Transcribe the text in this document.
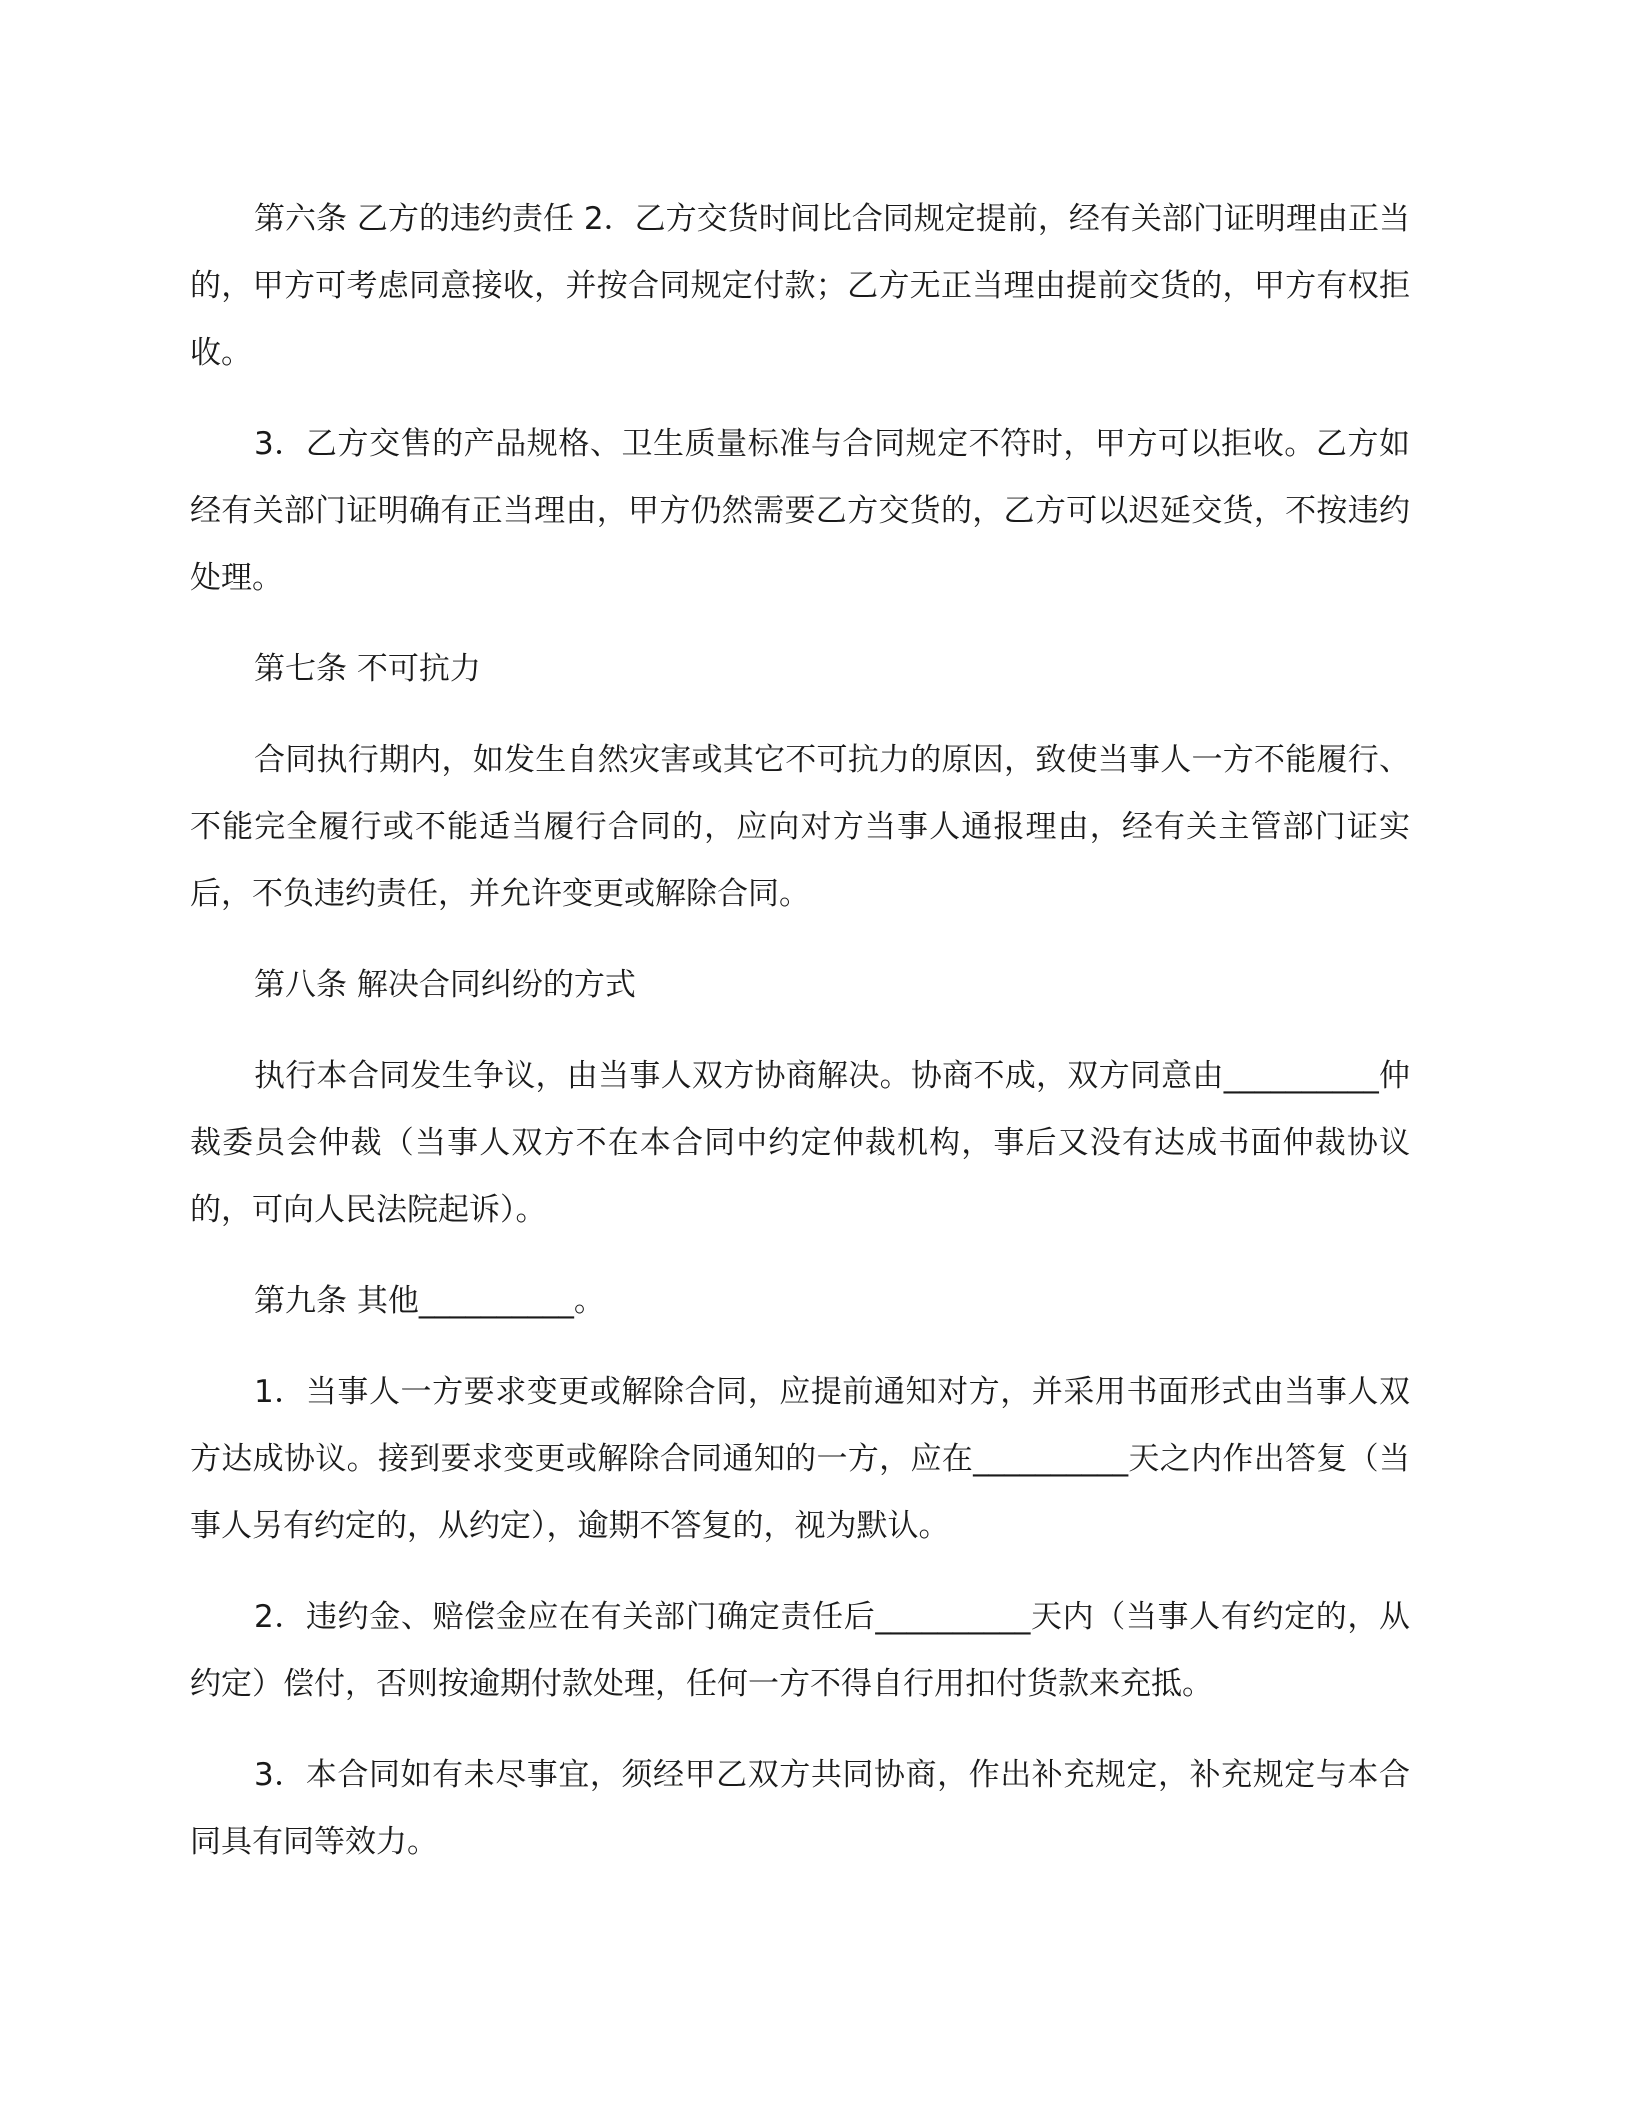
第六条 乙方的违约责任 2．乙方交货时间比合同规定提前，经有关部门证明理由正当的，甲方可考虑同意接收，并按合同规定付款；乙方无正当理由提前交货的，甲方有权拒收。

3．乙方交售的产品规格、卫生质量标准与合同规定不符时，甲方可以拒收。乙方如经有关部门证明确有正当理由，甲方仍然需要乙方交货的，乙方可以迟延交货，不按违约处理。

第七条 不可抗力

合同执行期内，如发生自然灾害或其它不可抗力的原因，致使当事人一方不能履行、不能完全履行或不能适当履行合同的，应向对方当事人通报理由，经有关主管部门证实后，不负违约责任，并允许变更或解除合同。

第八条 解决合同纠纷的方式

执行本合同发生争议，由当事人双方协商解决。协商不成，双方同意由__________仲裁委员会仲裁（当事人双方不在本合同中约定仲裁机构，事后又没有达成书面仲裁协议的，可向人民法院起诉）。

第九条 其他__________。

1．当事人一方要求变更或解除合同，应提前通知对方，并采用书面形式由当事人双方达成协议。接到要求变更或解除合同通知的一方，应在__________天之内作出答复（当事人另有约定的，从约定），逾期不答复的，视为默认。

2．违约金、赔偿金应在有关部门确定责任后__________天内（当事人有约定的，从约定）偿付，否则按逾期付款处理，任何一方不得自行用扣付货款来充抵。

3．本合同如有未尽事宜，须经甲乙双方共同协商，作出补充规定，补充规定与本合同具有同等效力。
